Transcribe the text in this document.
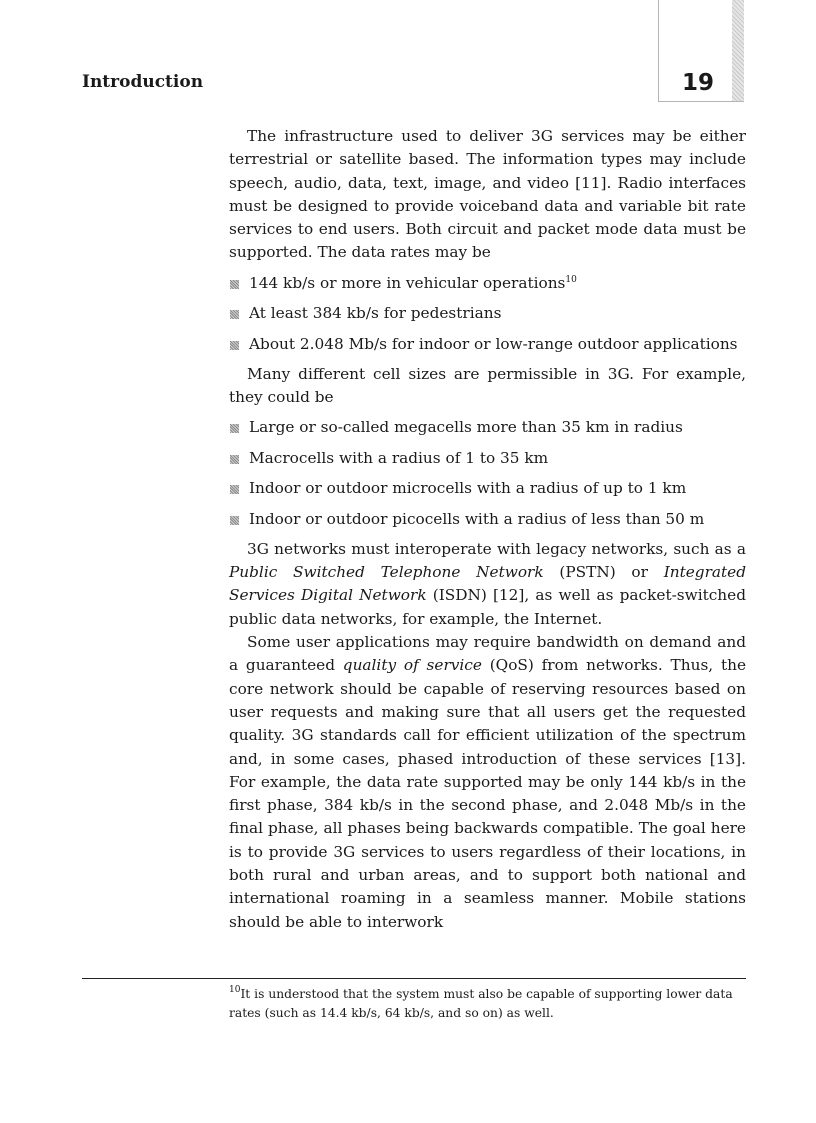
Introduction	19

The infrastructure used to deliver 3G services may be either terrestrial or satellite based. The information types may include speech, audio, data, text, image, and video [11]. Radio interfaces must be designed to provide voiceband data and variable bit rate services to end users. Both circuit and packet mode data must be supported. The data rates may be

144 kb/s or more in vehicular operations$^{10}$
At least 384 kb/s for pedestrians
About 2.048 Mb/s for indoor or low-range outdoor applications

Many different cell sizes are permissible in 3G. For example, they could be

Large or so-called megacells more than 35 km in radius
Macrocells with a radius of 1 to 35 km
Indoor or outdoor microcells with a radius of up to 1 km
Indoor or outdoor picocells with a radius of less than 50 m

3G networks must interoperate with legacy networks, such as a Public Switched Telephone Network (PSTN) or Integrated Services Digital Network (ISDN) [12], as well as packet-switched public data networks, for example, the Internet.

Some user applications may require bandwidth on demand and a guaranteed quality of service (QoS) from networks. Thus, the core network should be capable of reserving resources based on user requests and making sure that all users get the requested quality. 3G standards call for efficient utilization of the spectrum and, in some cases, phased introduction of these services [13]. For example, the data rate supported may be only 144 kb/s in the first phase, 384 kb/s in the second phase, and 2.048 Mb/s in the final phase, all phases being backwards compatible. The goal here is to provide 3G services to users regardless of their locations, in both rural and urban areas, and to support both national and international roaming in a seamless manner. Mobile stations should be able to interwork

$^{10}$It is understood that the system must also be capable of supporting lower data rates (such as 14.4 kb/s, 64 kb/s, and so on) as well.
